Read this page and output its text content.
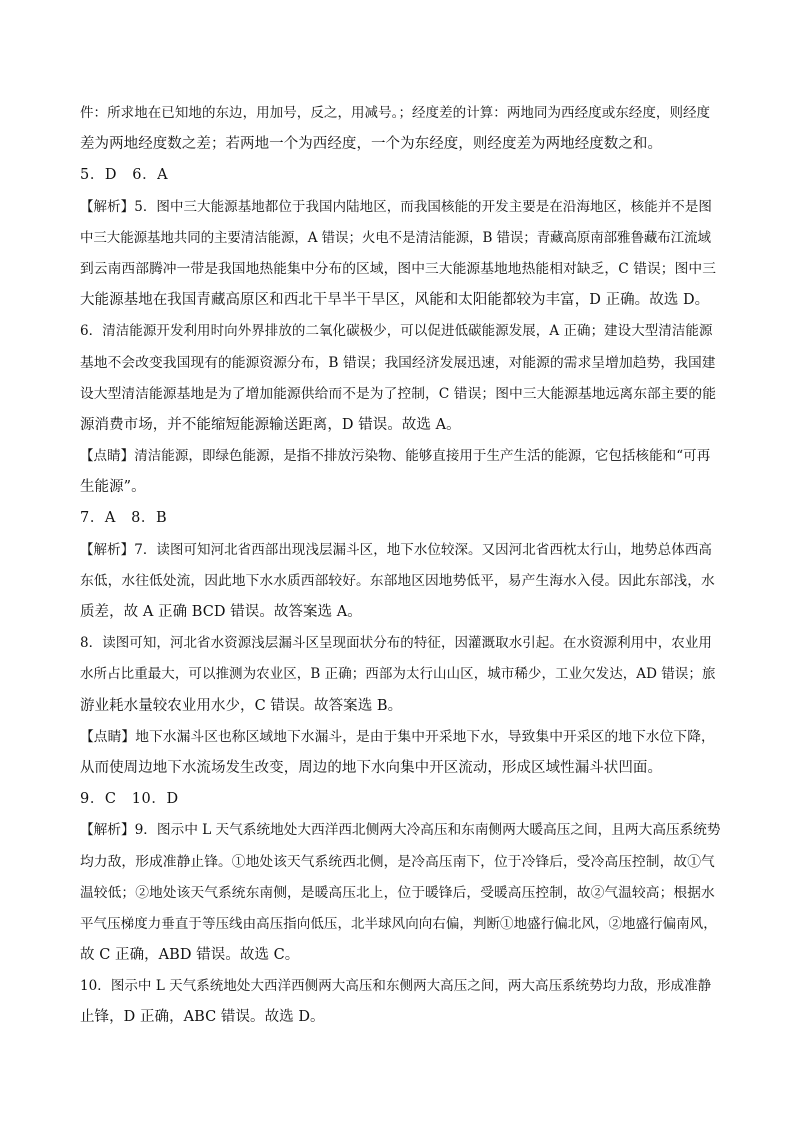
件：所求地在已知地的东边，用加号，反之，用减号。；经度差的计算：两地同为西经度或东经度，则经度
差为两地经度数之差；若两地一个为西经度，一个为东经度，则经度差为两地经度数之和。
5．D　6．A
【解析】5．图中三大能源基地都位于我国内陆地区，而我国核能的开发主要是在沿海地区，核能并不是图
中三大能源基地共同的主要清洁能源，A 错误；火电不是清洁能源，B 错误；青藏高原南部雅鲁藏布江流域
到云南西部腾冲一带是我国地热能集中分布的区域，图中三大能源基地地热能相对缺乏，C 错误；图中三
大能源基地在我国青藏高原区和西北干旱半干旱区，风能和太阳能都较为丰富，D 正确。故选 D。
6．清洁能源开发利用时向外界排放的二氧化碳极少，可以促进低碳能源发展，A 正确；建设大型清洁能源
基地不会改变我国现有的能源资源分布，B 错误；我国经济发展迅速，对能源的需求呈增加趋势，我国建
设大型清洁能源基地是为了增加能源供给而不是为了控制，C 错误；图中三大能源基地远离东部主要的能
源消费市场，并不能缩短能源输送距离，D 错误。故选 A。
【点睛】清洁能源，即绿色能源，是指不排放污染物、能够直接用于生产生活的能源，它包括核能和“可再
生能源”。
7．A　8．B
【解析】7．读图可知河北省西部出现浅层漏斗区，地下水位较深。又因河北省西枕太行山，地势总体西高
东低，水往低处流，因此地下水水质西部较好。东部地区因地势低平，易产生海水入侵。因此东部浅，水
质差，故 A 正确 BCD 错误。故答案选 A。
8．读图可知，河北省水资源浅层漏斗区呈现面状分布的特征，因灌溉取水引起。在水资源利用中，农业用
水所占比重最大，可以推测为农业区，B 正确；西部为太行山山区，城市稀少，工业欠发达，AD 错误；旅
游业耗水量较农业用水少，C 错误。故答案选 B。
【点睛】地下水漏斗区也称区域地下水漏斗，是由于集中开采地下水，导致集中开采区的地下水位下降，
从而使周边地下水流场发生改变，周边的地下水向集中开区流动，形成区域性漏斗状凹面。
9．C　10．D
【解析】9．图示中 L 天气系统地处大西洋西北侧两大冷高压和东南侧两大暖高压之间，且两大高压系统势
均力敌，形成准静止锋。①地处该天气系统西北侧，是冷高压南下，位于冷锋后，受冷高压控制，故①气
温较低；②地处该天气系统东南侧，是暖高压北上，位于暖锋后，受暖高压控制，故②气温较高；根据水
平气压梯度力垂直于等压线由高压指向低压，北半球风向向右偏，判断①地盛行偏北风，②地盛行偏南风，
故 C 正确，ABD 错误。故选 C。
10．图示中 L 天气系统地处大西洋西侧两大高压和东侧两大高压之间，两大高压系统势均力敌，形成准静
止锋，D 正确，ABC 错误。故选 D。
